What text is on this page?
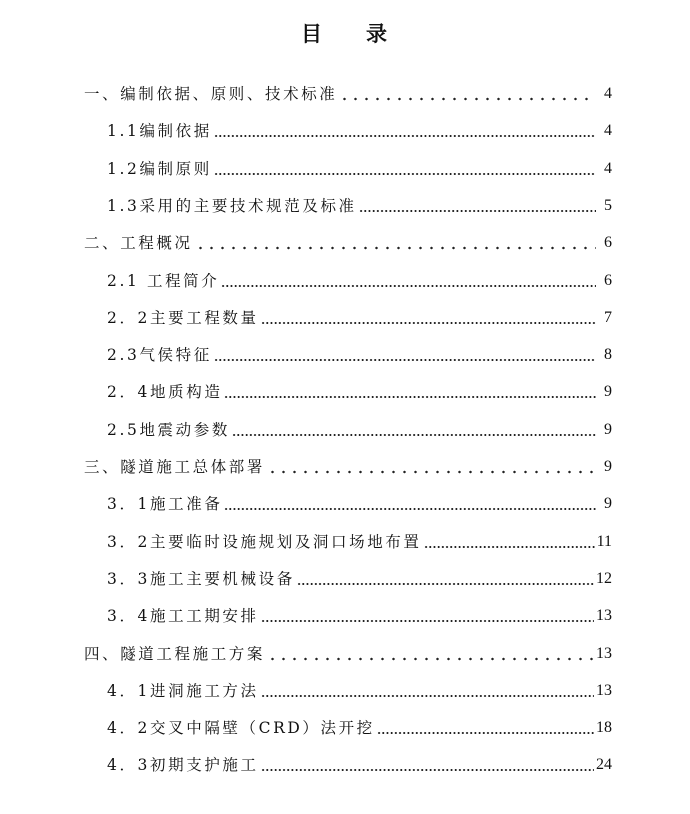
目 录
一、编制依据、原则、技术标准	4
1.1编制依据	4
1.2编制原则	4
1.3采用的主要技术规范及标准	5
二、工程概况	6
2.1 工程简介	6
2．2主要工程数量	7
2.3气侯特征	8
2．4地质构造	9
2.5地震动参数	9
三、隧道施工总体部署	9
3．1施工准备	9
3．2主要临时设施规划及洞口场地布置	11
3．3施工主要机械设备	12
3．4施工工期安排	13
四、隧道工程施工方案	13
4．1进洞施工方法	13
4．2交叉中隔壁（CRD）法开挖	18
4．3初期支护施工	24
